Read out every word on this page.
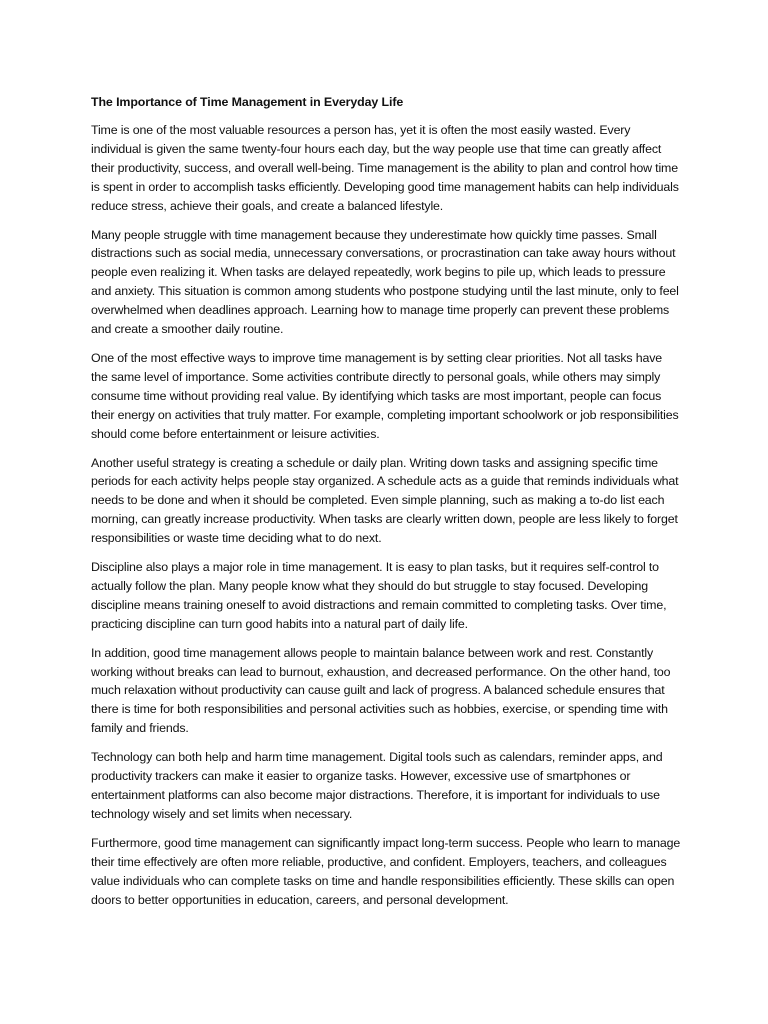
The Importance of Time Management in Everyday Life

Time is one of the most valuable resources a person has, yet it is often the most easily wasted. Every individual is given the same twenty-four hours each day, but the way people use that time can greatly affect their productivity, success, and overall well-being. Time management is the ability to plan and control how time is spent in order to accomplish tasks efficiently. Developing good time management habits can help individuals reduce stress, achieve their goals, and create a balanced lifestyle.

Many people struggle with time management because they underestimate how quickly time passes. Small distractions such as social media, unnecessary conversations, or procrastination can take away hours without people even realizing it. When tasks are delayed repeatedly, work begins to pile up, which leads to pressure and anxiety. This situation is common among students who postpone studying until the last minute, only to feel overwhelmed when deadlines approach. Learning how to manage time properly can prevent these problems and create a smoother daily routine.

One of the most effective ways to improve time management is by setting clear priorities. Not all tasks have the same level of importance. Some activities contribute directly to personal goals, while others may simply consume time without providing real value. By identifying which tasks are most important, people can focus their energy on activities that truly matter. For example, completing important schoolwork or job responsibilities should come before entertainment or leisure activities.

Another useful strategy is creating a schedule or daily plan. Writing down tasks and assigning specific time periods for each activity helps people stay organized. A schedule acts as a guide that reminds individuals what needs to be done and when it should be completed. Even simple planning, such as making a to-do list each morning, can greatly increase productivity. When tasks are clearly written down, people are less likely to forget responsibilities or waste time deciding what to do next.

Discipline also plays a major role in time management. It is easy to plan tasks, but it requires self-control to actually follow the plan. Many people know what they should do but struggle to stay focused. Developing discipline means training oneself to avoid distractions and remain committed to completing tasks. Over time, practicing discipline can turn good habits into a natural part of daily life.

In addition, good time management allows people to maintain balance between work and rest. Constantly working without breaks can lead to burnout, exhaustion, and decreased performance. On the other hand, too much relaxation without productivity can cause guilt and lack of progress. A balanced schedule ensures that there is time for both responsibilities and personal activities such as hobbies, exercise, or spending time with family and friends.

Technology can both help and harm time management. Digital tools such as calendars, reminder apps, and productivity trackers can make it easier to organize tasks. However, excessive use of smartphones or entertainment platforms can also become major distractions. Therefore, it is important for individuals to use technology wisely and set limits when necessary.

Furthermore, good time management can significantly impact long-term success. People who learn to manage their time effectively are often more reliable, productive, and confident. Employers, teachers, and colleagues value individuals who can complete tasks on time and handle responsibilities efficiently. These skills can open doors to better opportunities in education, careers, and personal development.
